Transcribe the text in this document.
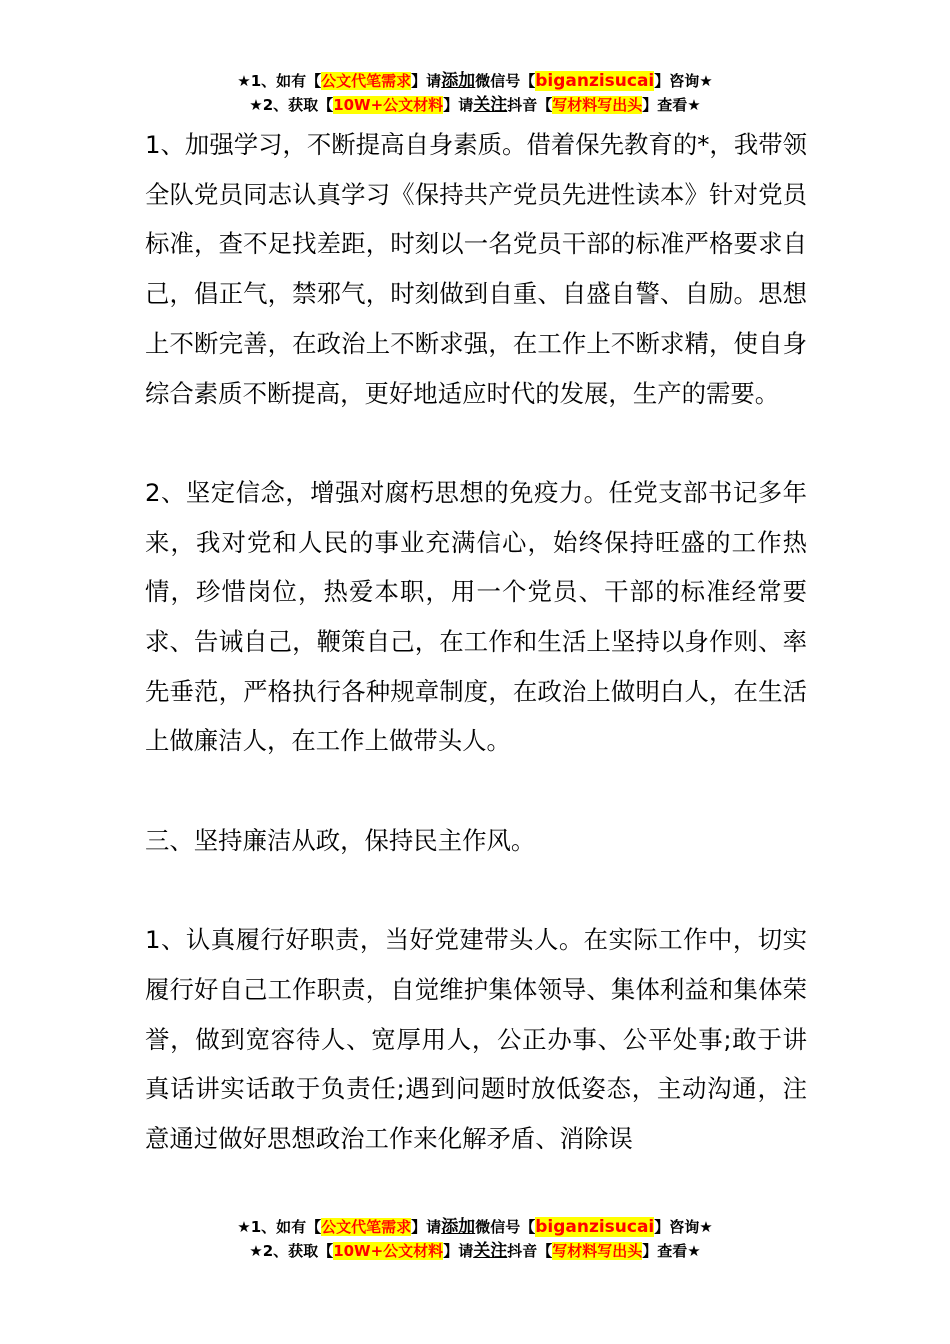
★1、如有【公文代笔需求】请添加微信号【biganzisucai】咨询★
★2、获取【10W+公文材料】请关注抖音【写材料写出头】查看★

1、加强学习，不断提高自身素质。借着保先教育的*，我带领全队党员同志认真学习《保持共产党员先进性读本》针对党员标准，查不足找差距，时刻以一名党员干部的标准严格要求自己，倡正气，禁邪气，时刻做到自重、自盛自警、自励。思想上不断完善，在政治上不断求强，在工作上不断求精，使自身综合素质不断提高，更好地适应时代的发展，生产的需要。

2、坚定信念，增强对腐朽思想的免疫力。任党支部书记多年来，我对党和人民的事业充满信心，始终保持旺盛的工作热情，珍惜岗位，热爱本职，用一个党员、干部的标准经常要求、告诫自己，鞭策自己，在工作和生活上坚持以身作则、率先垂范，严格执行各种规章制度，在政治上做明白人，在生活上做廉洁人，在工作上做带头人。

三、坚持廉洁从政，保持民主作风。

1、认真履行好职责，当好党建带头人。在实际工作中，切实履行好自己工作职责，自觉维护集体领导、集体利益和集体荣誉，做到宽容待人、宽厚用人，公正办事、公平处事;敢于讲真话讲实话敢于负责任;遇到问题时放低姿态，主动沟通，注意通过做好思想政治工作来化解矛盾、消除误

★1、如有【公文代笔需求】请添加微信号【biganzisucai】咨询★
★2、获取【10W+公文材料】请关注抖音【写材料写出头】查看★
